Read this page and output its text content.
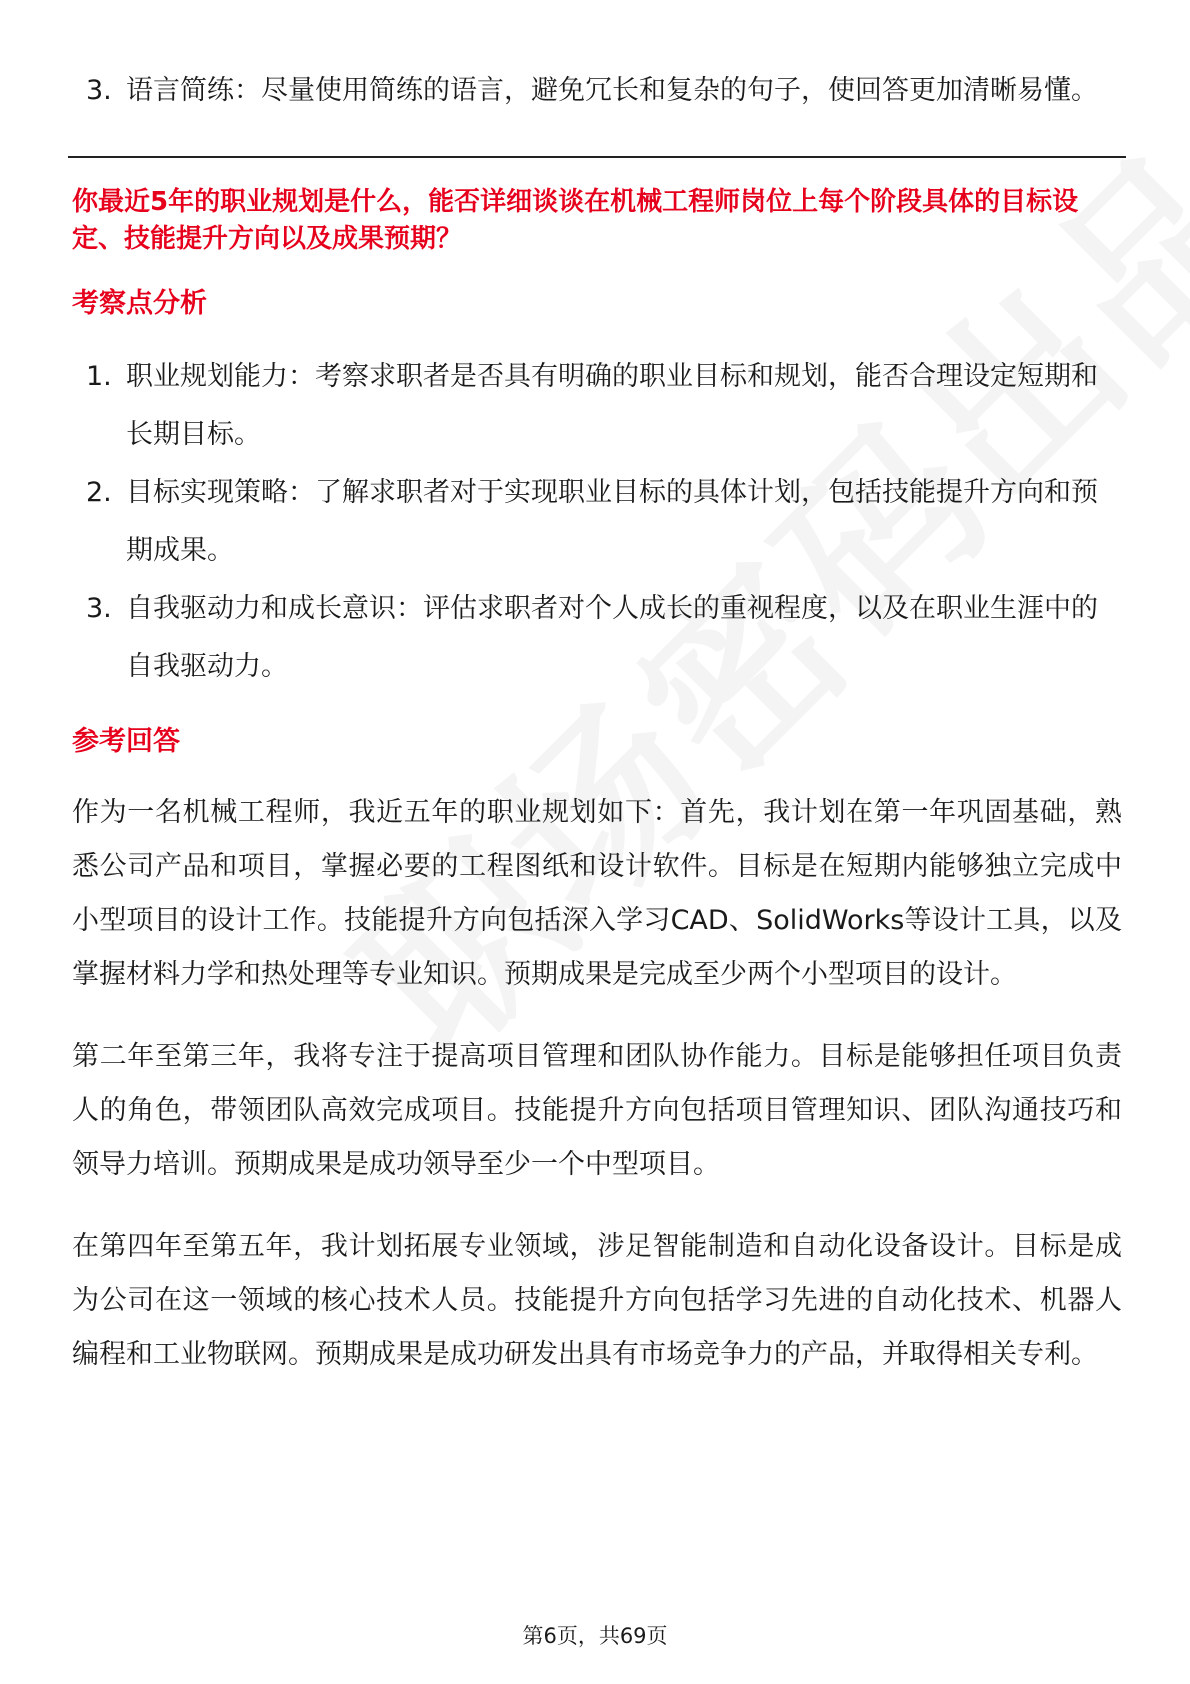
3. 语言简练：尽量使用简练的语言，避免冗长和复杂的句子，使回答更加清晰易懂。

你最近5年的职业规划是什么，能否详细谈谈在机械工程师岗位上每个阶段具体的目标设定、技能提升方向以及成果预期？

考察点分析
1. 职业规划能力：考察求职者是否具有明确的职业目标和规划，能否合理设定短期和长期目标。
2. 目标实现策略：了解求职者对于实现职业目标的具体计划，包括技能提升方向和预期成果。
3. 自我驱动力和成长意识：评估求职者对个人成长的重视程度，以及在职业生涯中的自我驱动力。
参考回答

作为一名机械工程师，我近五年的职业规划如下：首先，我计划在第一年巩固基础，熟悉公司产品和项目，掌握必要的工程图纸和设计软件。目标是在短期内能够独立完成中小型项目的设计工作。技能提升方向包括深入学习CAD、SolidWorks等设计工具，以及掌握材料力学和热处理等专业知识。预期成果是完成至少两个小型项目的设计。

第二年至第三年，我将专注于提高项目管理和团队协作能力。目标是能够担任项目负责人的角色，带领团队高效完成项目。技能提升方向包括项目管理知识、团队沟通技巧和领导力培训。预期成果是成功领导至少一个中型项目。

在第四年至第五年，我计划拓展专业领域，涉足智能制造和自动化设备设计。目标是成为公司在这一领域的核心技术人员。技能提升方向包括学习先进的自动化技术、机器人编程和工业物联网。预期成果是成功研发出具有市场竞争力的产品，并取得相关专利。

第6页，共69页
